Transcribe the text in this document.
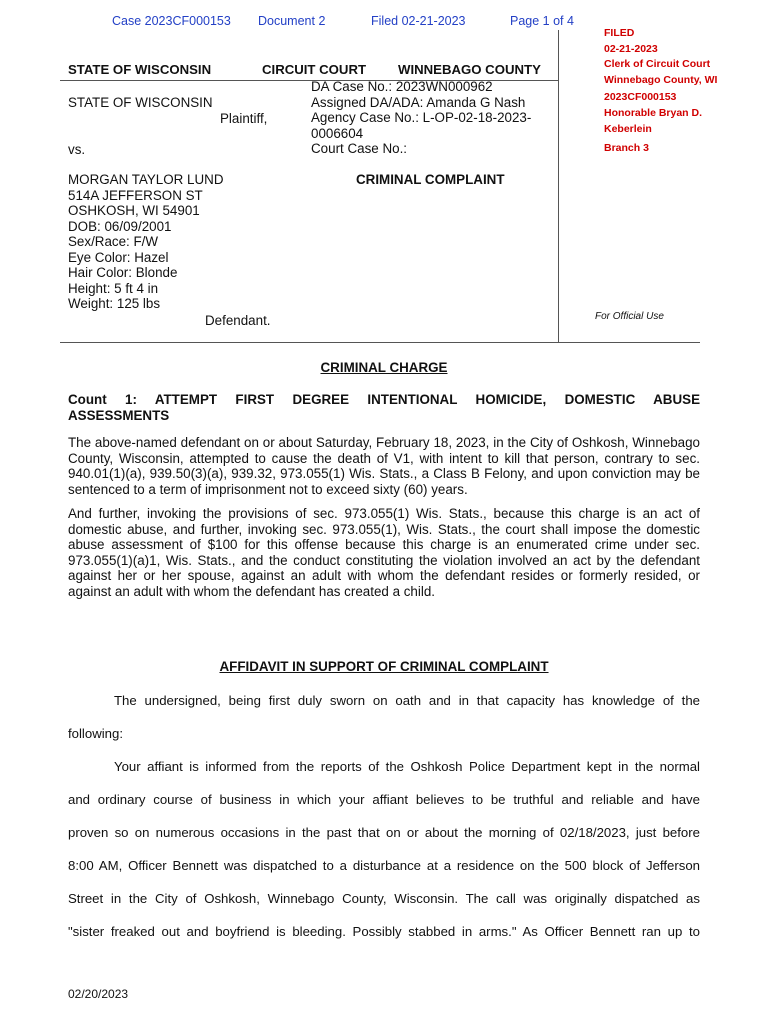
Case 2023CF000153 Document 2	Filed 02-21-2023	Page 1 of 4
FILED
02-21-2023
Clerk of Circuit Court
Winnebago County, WI
2023CF000153
Honorable Bryan D.
Keberlein
Branch 3
STATE OF WISCONSIN	CIRCUIT COURT WINNEBAGO COUNTY
STATE OF WISCONSIN
Plaintiff,
vs.
DA Case No.: 2023WN000962
Assigned DA/ADA: Amanda G Nash
Agency Case No.: L-OP-02-18-2023-
0006604
Court Case No.:
CRIMINAL COMPLAINT
MORGAN TAYLOR LUND
514A JEFFERSON ST
OSHKOSH, WI 54901
DOB: 06/09/2001
Sex/Race: F/W
Eye Color: Hazel
Hair Color: Blonde
Height: 5 ft 4 in
Weight: 125 lbs
Defendant.	For Official Use
CRIMINAL CHARGE
Count 1: ATTEMPT FIRST DEGREE INTENTIONAL HOMICIDE, DOMESTIC ABUSE
ASSESSMENTS
The above-named defendant on or about Saturday, February 18, 2023, in the City of Oshkosh, Winnebago County, Wisconsin, attempted to cause the death of V1, with intent to kill that person, contrary to sec. 940.01(1)(a), 939.50(3)(a), 939.32, 973.055(1) Wis. Stats., a Class B Felony, and upon conviction may be sentenced to a term of imprisonment not to exceed sixty (60) years.
And further, invoking the provisions of sec. 973.055(1) Wis. Stats., because this charge is an act of domestic abuse, and further, invoking sec. 973.055(1), Wis. Stats., the court shall impose the domestic abuse assessment of $100 for this offense because this charge is an enumerated crime under sec. 973.055(1)(a)1, Wis. Stats., and the conduct constituting the violation involved an act by the defendant against her or her spouse, against an adult with whom the defendant resides or formerly resided, or against an adult with whom the defendant has created a child.
AFFIDAVIT IN SUPPORT OF CRIMINAL COMPLAINT
The undersigned, being first duly sworn on oath and in that capacity has knowledge of the
following:
Your affiant is informed from the reports of the Oshkosh Police Department kept in the normal
and ordinary course of business in which your affiant believes to be truthful and reliable and have
proven so on numerous occasions in the past that on or about the morning of 02/18/2023, just before
8:00 AM, Officer Bennett was dispatched to a disturbance at a residence on the 500 block of Jefferson
Street in the City of Oshkosh, Winnebago County, Wisconsin. The call was originally dispatched as
"sister freaked out and boyfriend is bleeding. Possibly stabbed in arms." As Officer Bennett ran up to
02/20/2023
